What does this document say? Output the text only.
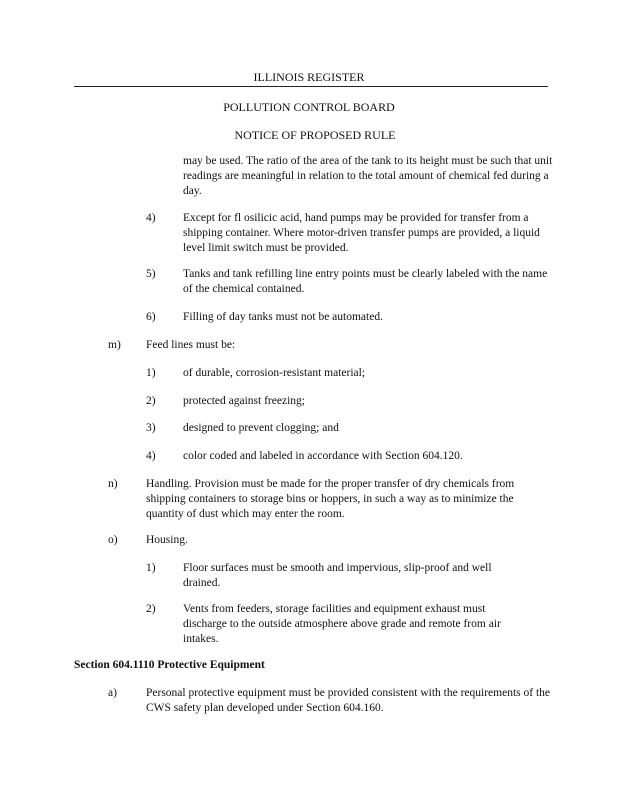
ILLINOIS REGISTER
POLLUTION CONTROL BOARD
NOTICE OF PROPOSED RULE
may be used. The ratio of the area of the tank to its height must be such that unit readings are meaningful in relation to the total amount of chemical fed during a day.
4) Except for fl osilicic acid, hand pumps may be provided for transfer from a shipping container. Where motor-driven transfer pumps are provided, a liquid level limit switch must be provided.
5) Tanks and tank refilling line entry points must be clearly labeled with the name of the chemical contained.
6) Filling of day tanks must not be automated.
m) Feed lines must be:
1) of durable, corrosion-resistant material;
2) protected against freezing;
3) designed to prevent clogging; and
4) color coded and labeled in accordance with Section 604.120.
n) Handling. Provision must be made for the proper transfer of dry chemicals from shipping containers to storage bins or hoppers, in such a way as to minimize the quantity of dust which may enter the room.
o) Housing.
1) Floor surfaces must be smooth and impervious, slip-proof and well drained.
2) Vents from feeders, storage facilities and equipment exhaust must discharge to the outside atmosphere above grade and remote from air intakes.
Section 604.1110 Protective Equipment
a)	Personal protective equipment must be provided consistent with the requirements of the CWS safety plan developed under Section 604.160.
